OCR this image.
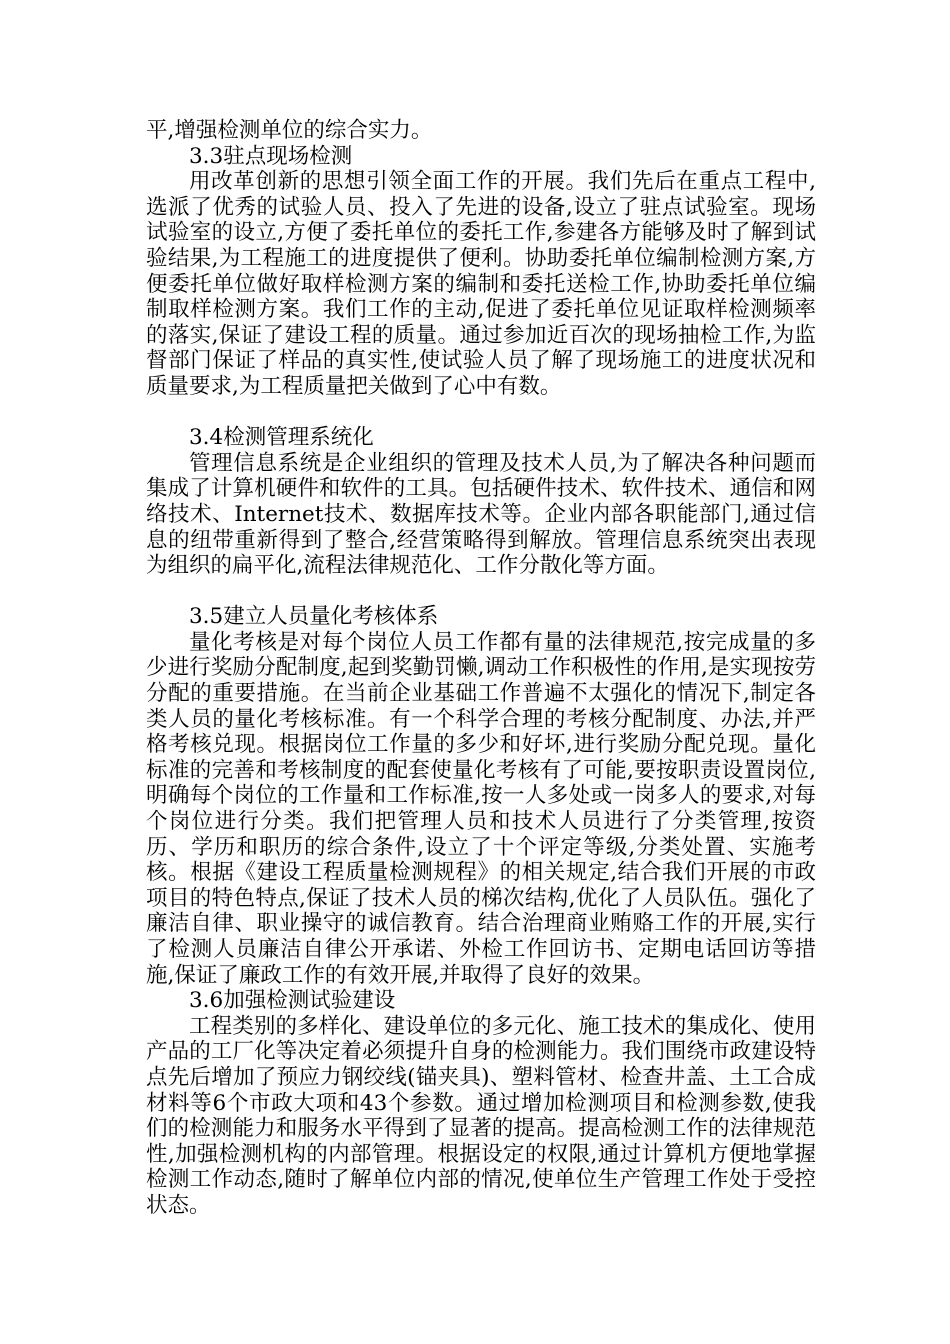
平,增强检测单位的综合实力。

3.3驻点现场检测

用改革创新的思想引领全面工作的开展。我们先后在重点工程中,选派了优秀的试验人员、投入了先进的设备,设立了驻点试验室。现场试验室的设立,方便了委托单位的委托工作,参建各方能够及时了解到试验结果,为工程施工的进度提供了便利。协助委托单位编制检测方案,方便委托单位做好取样检测方案的编制和委托送检工作,协助委托单位编制取样检测方案。我们工作的主动,促进了委托单位见证取样检测频率的落实,保证了建设工程的质量。通过参加近百次的现场抽检工作,为监督部门保证了样品的真实性,使试验人员了解了现场施工的进度状况和质量要求,为工程质量把关做到了心中有数。

3.4检测管理系统化

管理信息系统是企业组织的管理及技术人员,为了解决各种问题而集成了计算机硬件和软件的工具。包括硬件技术、软件技术、通信和网络技术、Internet技术、数据库技术等。企业内部各职能部门,通过信息的纽带重新得到了整合,经营策略得到解放。管理信息系统突出表现为组织的扁平化,流程法律规范化、工作分散化等方面。

3.5建立人员量化考核体系

量化考核是对每个岗位人员工作都有量的法律规范,按完成量的多少进行奖励分配制度,起到奖勤罚懒,调动工作积极性的作用,是实现按劳分配的重要措施。在当前企业基础工作普遍不太强化的情况下,制定各类人员的量化考核标准。有一个科学合理的考核分配制度、办法,并严格考核兑现。根据岗位工作量的多少和好坏,进行奖励分配兑现。量化标准的完善和考核制度的配套使量化考核有了可能,要按职责设置岗位,明确每个岗位的工作量和工作标准,按一人多处或一岗多人的要求,对每个岗位进行分类。我们把管理人员和技术人员进行了分类管理,按资历、学历和职历的综合条件,设立了十个评定等级,分类处置、实施考核。根据《建设工程质量检测规程》的相关规定,结合我们开展的市政项目的特色特点,保证了技术人员的梯次结构,优化了人员队伍。强化了廉洁自律、职业操守的诚信教育。结合治理商业贿赂工作的开展,实行了检测人员廉洁自律公开承诺、外检工作回访书、定期电话回访等措施,保证了廉政工作的有效开展,并取得了良好的效果。

3.6加强检测试验建设

工程类别的多样化、建设单位的多元化、施工技术的集成化、使用产品的工厂化等决定着必须提升自身的检测能力。我们围绕市政建设特点先后增加了预应力钢绞线(锚夹具)、塑料管材、检查井盖、土工合成材料等6个市政大项和43个参数。通过增加检测项目和检测参数,使我们的检测能力和服务水平得到了显著的提高。提高检测工作的法律规范性,加强检测机构的内部管理。根据设定的权限,通过计算机方便地掌握检测工作动态,随时了解单位内部的情况,使单位生产管理工作处于受控状态。
